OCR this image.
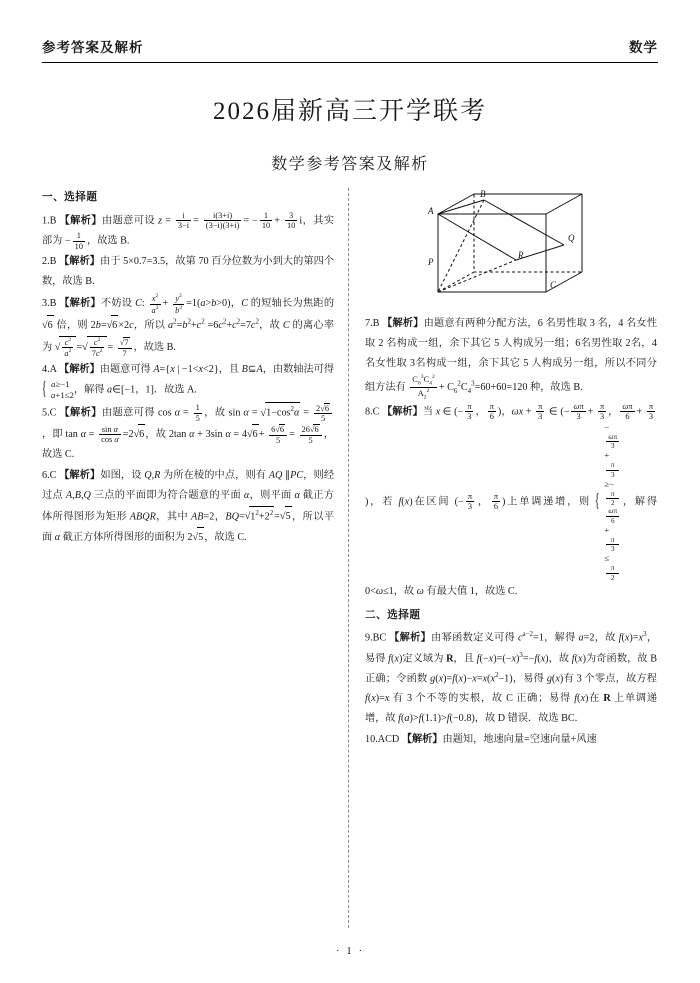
参考答案及解析	数学
2026届新高三开学联考
数学参考答案及解析
一、选择题
1.B 【解析】由题意可设 $z = \frac{i}{3-i} = \frac{i(3+i)}{(3-i)(3+i)}$ = − $\frac{1}{10} + \frac{3}{10}$ i，其实部为 − $\frac{1}{10}$ ，故选 B.
2.B 【解析】由于 5×0.7=3.5，故第 70 百分位数为小到大的第四个数，故选 B.
3.B 【解析】不妨设 C: $\frac{x^2}{a^2} + \frac{y^2}{b^2} =1(a>b>0)$，C 的短轴长为焦距的 √ 6 倍，则 2b= √ 6×2c，所以 $a^2=b^2+c^2 =6c^2+c^2=7c^2$，故 C 的离心率为 √ $\frac{c^2}{a^2}$ = √ $\frac{c^2}{7c^2}$ = √ $\frac{7}{7}$ ，故选 B.
4.A 【解析】由题意可得 A={x | −1<x<2}，且 B⊆A，由数轴法可得
{ a≥−1
a+1≤2 ，解得 a∈[−1，1]．故选 A.
5.C 【解析】由题意可得 $\cos \alpha = \frac{1}{5}$ ，故 sin α = √ $1-\cos^2\alpha = \frac{2 √ 6}{5}$
，即 $\tan \alpha = \frac{\text{sin α}}{\text{cos α}} =2$ √ 6，故 2tan α + 3sin α = 4 √ $6+ \frac{6 √ 6}{5} = \frac{26 √ 6}{5}$ ，故选 C.
6.C 【解析】如图，设 Q,R 为所在棱的中点，则有 AQ ∥PC，则经过点 A,B,Q 三点的平面即为符合题意的平面 α，则平面 α 截正方体所得图形为矩形 ABQR，其中 AB=2，BQ= √ $1^2+2^2=$ √ 5，所以平面 α 截正方体所得图形的面积为 2 √ 5，故选 C.
B
A
Q
R
P
C
7.B 【解析】由题意有两种分配方法，6 名男性取 3 名，4 名女性取 2 名构成一组，余下其它 5 人构成另一组；6名男性取 2名，4名女性取 3名构成一组，余下其它 5 人构成另一组，所以不同分组方法有 $\frac{C_6^3C_4^2}{A_2^2} + C_6^2C_4^3=60+60=120$ 种，故选 B.
8.C 【解析】当 x ∈ (− $\frac{\pi}{3}$ ， $\frac{\pi}{6}$ )，$\omega x + \frac{\pi}{3}$ ∈ (− $\frac{\omega\pi}{3} + \frac{\pi}{3}$ ， $\frac{\omega\pi}{6} + \frac{\pi}{3}$
)，若 f(x)在区间 (− $\frac{\pi}{3}$ ， $\frac{\pi}{6}$ )上单调递增，则
{ −
ωπ
3
+
π
3
≥−
π
2
ωπ
6
+
π
3
≤
π
2
，解得 0<ω≤1，故 ω 有最大值 1，故选 C.
二、选择题
9.BC 【解析】由幂函数定义可得 $c^{a-2}=1$，解得 a=2，故 $f(x)=x^3$，易得 f(x)定义域为 R，且 $f(-x)=(-x)^3=-f(x)$，故 f(x)为奇函数，故 B 正确；令函数 $g(x)=f(x)-x=x(x^2-1)$，易得 g(x)有 3 个零点，故方程 f(x)=x 有 3 个不等的实根，故 C 正确；易得 f(x)在 R 上单调递增，故 f(a)>f(1.1)>f(−0.8)，故 D 错误．故选 BC.
10.ACD 【解析】由题知，地速向量=空速向量+风速
· 1 ·
